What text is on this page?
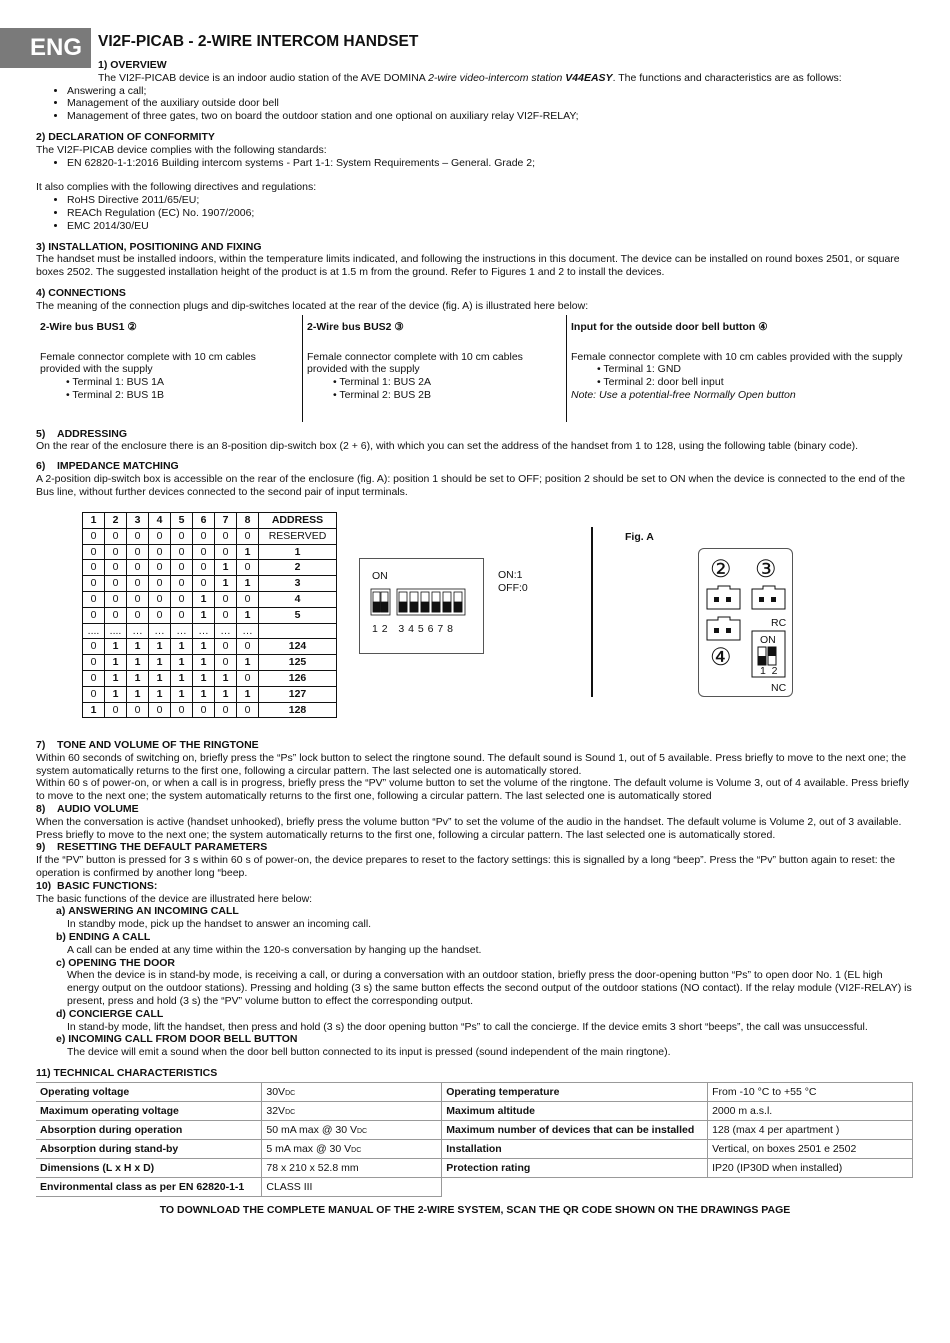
ENG	VI2F-PICAB - 2-WIRE INTERCOM HANDSET

1) OVERVIEW

The VI2F-PICAB device is an indoor audio station of the AVE DOMINA 2-wire video-intercom station V44EASY. The functions and characteristics are as follows:

• Answering a call;
• Management of the auxiliary outside door bell
• Management of three gates, two on board the outdoor station and one optional on auxiliary relay VI2F-RELAY;

2) DECLARATION OF CONFORMITY

The VI2F-PICAB device complies with the following standards:

• EN 62820-1-1:2016 Building intercom systems - Part 1-1: System Requirements – General. Grade 2;

It also complies with the following directives and regulations:

• RoHS Directive 2011/65/EU;
• REACh Regulation (EC) No. 1907/2006;
• EMC 2014/30/EU

3) INSTALLATION, POSITIONING AND FIXING

The handset must be installed indoors, within the temperature limits indicated, and following the instructions in this document. The device can be installed on round boxes 2501, or square boxes 2502. The suggested installation height of the product is at 1.5 m from the ground. Refer to Figures 1 and 2 to install the devices.

4) CONNECTIONS

The meaning of the connection plugs and dip-switches located at the rear of the device (fig. A) is illustrated here below:

2-Wire bus BUS1 ②

Female connector complete with 10 cm cables provided with the supply

• Terminal 1: BUS 1A
• Terminal 2: BUS 1B
2-Wire bus BUS2 ③

Female connector complete with 10 cm cables provided with the supply

• Terminal 1: BUS 2A
• Terminal 2: BUS 2B
Input for the outside door bell button ④

Female connector complete with 10 cm cables provided with the supply

• Terminal 1: GND
• Terminal 2: door bell input

Note: Use a potential-free Normally Open button

5)    ADDRESSING

On the rear of the enclosure there is an 8-position dip-switch box (2 + 6), with which you can set the address of the handset from 1 to 128, using the following table (binary code).

6)    IMPEDANCE MATCHING

A 2-position dip-switch box is accessible on the rear of the enclosure (fig. A): position 1 should be set to OFF; position 2 should be set to ON when the device is connected to the end of the Bus line, without further devices connected to the second pair of input terminals.

1	2	3	4	5	6	7	8	ADDRESS
0	0	0	0	0	0	0	0	RESERVED
0	0	0	0	0	0	0	1	1
0	0	0	0	0	0	1	0	2
0	0	0	0	0	0	1	1	3
0	0	0	0	0	1	0	0	4
0	0	0	0	0	1	0	1	5
....	....	…	…	…	…	…	…	
0	1	1	1	1	1	0	0	124
0	1	1	1	1	1	0	1	125
0	1	1	1	1	1	1	0	126
0	1	1	1	1	1	1	1	127
1	0	0	0	0	0	0	0	128
ON
1 2   3 4 5 6 7 8
ON:1
OFF:0
Fig. A
② ③
RC
④
ON
1  2
NC

7)    TONE AND VOLUME OF THE RINGTONE

Within 60 seconds of switching on, briefly press the “Ps” lock button to select the ringtone sound. The default sound is Sound 1, out of 5 available. Press briefly to move to the next one; the system automatically returns to the first one, following a circular pattern. The last selected one is automatically stored.

Within 60 s of power-on, or when a call is in progress, briefly press the “PV” volume button to set the volume of the ringtone. The default volume is Volume 3, out of 4 available. Press briefly to move to the next one; the system automatically returns to the first one, following a circular pattern. The last selected one is automatically stored

8)    AUDIO VOLUME

When the conversation is active (handset unhooked), briefly press the volume button “Pv” to set the volume of the audio in the handset. The default volume is Volume 2, out of 3 available. Press briefly to move to the next one; the system automatically returns to the first one, following a circular pattern. The last selected one is automatically stored.

9)    RESETTING THE DEFAULT PARAMETERS

If the “PV” button is pressed for 3 s within 60 s of power-on, the device prepares to reset to the factory settings: this is signalled by a long “beep”. Press the “Pv” button again to reset: the operation is confirmed by another long “beep.

10)  BASIC FUNCTIONS:

The basic functions of the device are illustrated here below:

a) ANSWERING AN INCOMING CALL
In standby mode, pick up the handset to answer an incoming call.
b) ENDING A CALL
A call can be ended at any time within the 120-s conversation by hanging up the handset.
c) OPENING THE DOOR
When the device is in stand-by mode, is receiving a call, or during a conversation with an outdoor station, briefly press the door-opening button “Ps” to open door No. 1 (EL high energy output on the outdoor stations). Pressing and holding (3 s) the same button effects the second output of the outdoor stations (NO contact). If the relay module (VI2F-RELAY) is present, press and hold (3 s) the “PV” volume button to effect the corresponding output.
d) CONCIERGE CALL
In stand-by mode, lift the handset, then press and hold (3 s) the door opening button “Ps” to call the concierge. If the device emits 3 short “beeps”, the call was unsuccessful.
e) INCOMING CALL FROM DOOR BELL BUTTON
The device will emit a sound when the door bell button connected to its input is pressed (sound independent of the main ringtone).

11) TECHNICAL CHARACTERISTICS

Operating voltage	30VDC	Operating temperature	From -10 °C to +55 °C
Maximum operating voltage	32VDC	Maximum altitude	2000 m a.s.l.
Absorption during operation	50 mA max @ 30 VDC	Maximum number of devices that can be installed	128 (max 4 per apartment )
Absorption during stand-by	5 mA max @ 30 VDC	Installation	Vertical, on boxes 2501 e 2502
Dimensions (L x H x D)	78 x 210 x 52.8 mm	Protection rating	IP20 (IP30D when installed)
Environmental class as per EN 62820-1-1	CLASS III		
TO DOWNLOAD THE COMPLETE MANUAL OF THE 2-WIRE SYSTEM, SCAN THE QR CODE SHOWN ON THE DRAWINGS PAGE
